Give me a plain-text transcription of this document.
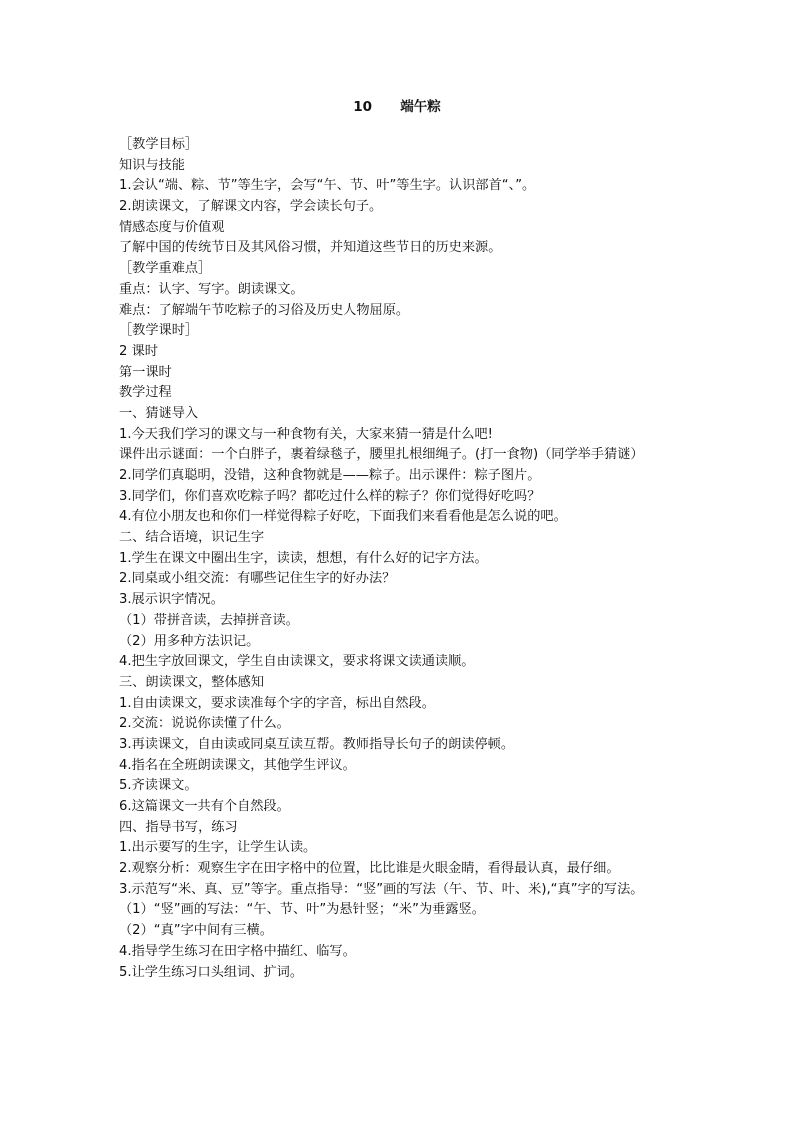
10      端午粽

［教学目标］

知识与技能

1.会认“端、粽、节”等生字，会写“午、节、叶”等生字。认识部首“、”。

2.朗读课文，了解课文内容，学会读长句子。

情感态度与价值观

了解中国的传统节日及其风俗习惯，并知道这些节日的历史来源。

［教学重难点］

重点：认字、写字。朗读课文。

难点：了解端午节吃粽子的习俗及历史人物屈原。

［教学课时］

2 课时

第一课时

教学过程

一、猜谜导入

1.今天我们学习的课文与一种食物有关，大家来猜一猜是什么吧!

课件出示谜面：一个白胖子，裹着绿毯子，腰里扎根细绳子。(打一食物)（同学举手猜谜）

2.同学们真聪明，没错，这种食物就是——粽子。出示课件：粽子图片。

3.同学们，你们喜欢吃粽子吗？都吃过什么样的粽子？你们觉得好吃吗？

4.有位小朋友也和你们一样觉得粽子好吃，下面我们来看看他是怎么说的吧。

二、结合语境，识记生字

1.学生在课文中圈出生字，读读，想想，有什么好的记字方法。

2.同桌或小组交流：有哪些记住生字的好办法？

3.展示识字情况。

（1）带拼音读，去掉拼音读。

（2）用多种方法识记。

4.把生字放回课文，学生自由读课文，要求将课文读通读顺。

三、朗读课文，整体感知

1.自由读课文，要求读准每个字的字音，标出自然段。

2.交流：说说你读懂了什么。

3.再读课文，自由读或同桌互读互帮。教师指导长句子的朗读停顿。

4.指名在全班朗读课文，其他学生评议。

5.齐读课文。

6.这篇课文一共有个自然段。

四、指导书写，练习

1.出示要写的生字，让学生认读。

2.观察分析：观察生字在田字格中的位置，比比谁是火眼金睛，看得最认真，最仔细。

3.示范写“米、真、豆”等字。重点指导：“竖”画的写法（午、节、叶、米),“真”字的写法。

（1）“竖”画的写法：“午、节、叶”为悬针竖；“米”为垂露竖。

（2）“真”字中间有三横。

4.指导学生练习在田字格中描红、临写。

5.让学生练习口头组词、扩词。
